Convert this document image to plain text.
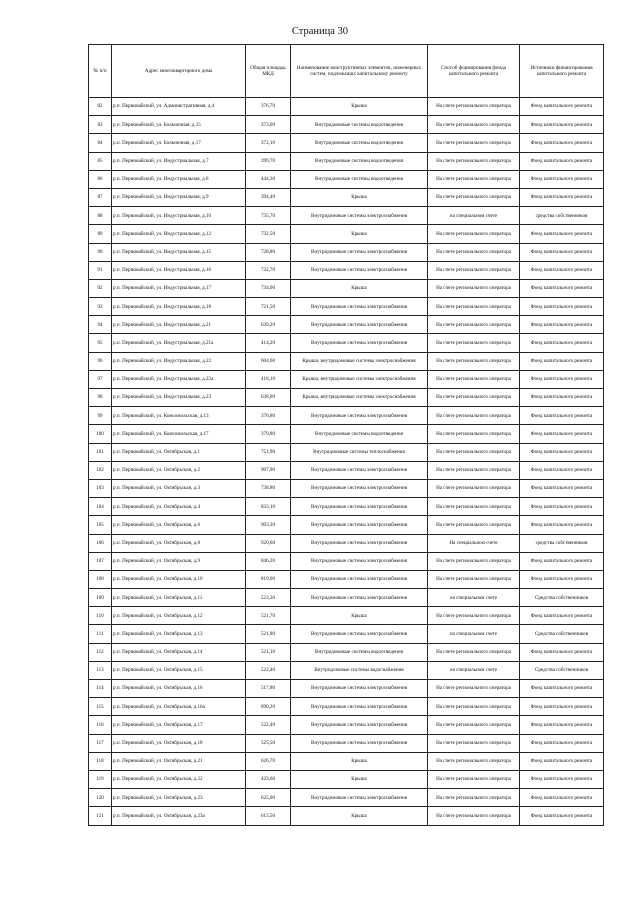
Страница 30
№ п/п	Адрес многоквартирного дома	Общая площадь МКД	Наименование конструктивных элементов, инженерных систем, подлежащих капитальному ремонту	Способ формирования фонда капитального ремонта	Источники финансирования капитального ремонта
82	р.п. Первомайский, ул. Административная, д.4	376,70	Крыша	На счете регионального оператора	Фонд капитального ремонта
83	р.п. Первомайский, ул. Больничная, д.15	373,00	Внутридомовые системы водоотведения	На счете регионального оператора	Фонд капитального ремонта
84	р.п. Первомайский, ул. Больничная, д.17	372,10	Внутридомовые системы водоотведения	На счете регионального оператора	Фонд капитального ремонта
85	р.п. Первомайский, ул. Индустриальная, д.7	399,70	Внутридомовые системы водоотведения	На счете регионального оператора	Фонд капитального ремонта
86	р.п. Первомайский, ул. Индустриальная, д.8	444,30	Внутридомовые системы водоотведения	На счете регионального оператора	Фонд капитального ремонта
87	р.п. Первомайский, ул. Индустриальная, д.9	394,40	Крыша	На счете регионального оператора	Фонд капитального ремонта
88	р.п. Первомайский, ул. Индустриальная, д.10	735,70	Внутридомовые системы электроснабжения	на специальном счете	средства собственников
89	р.п. Первомайский, ул. Индустриальная, д.12	732,50	Крыша	На счете регионального оператора	Фонд капитального ремонта
90	р.п. Первомайский, ул. Индустриальная, д.15	728,80	Внутридомовые системы электроснабжения	На счете регионального оператора	Фонд капитального ремонта
91	р.п. Первомайский, ул. Индустриальная, д.16	732,70	Внутридомовые системы электроснабжения	На счете регионального оператора	Фонд капитального ремонта
92	р.п. Первомайский, ул. Индустриальная, д.17	734,00	Крыша	На счете регионального оператора	Фонд капитального ремонта
93	р.п. Первомайский, ул. Индустриальная, д.18	721,50	Внутридомовые системы электроснабжения	На счете регионального оператора	Фонд капитального ремонта
94	р.п. Первомайский, ул. Индустриальная, д.21	639,20	Внутридомовые системы электроснабжения	На счете регионального оператора	Фонд капитального ремонта
95	р.п. Первомайский, ул. Индустриальная, д.21а	414,20	Внутридомовые системы электроснабжения	На счете регионального оператора	Фонд капитального ремонта
96	р.п. Первомайский, ул. Индустриальная, д.22	604,60	Крыша, внутридомовые системы электроснабжения	На счете регионального оператора	Фонд капитального ремонта
97	р.п. Первомайский, ул. Индустриальная, д.22а	418,10	Крыша, внутридомовые системы электроснабжения	На счете регионального оператора	Фонд капитального ремонта
98	р.п. Первомайский, ул. Индустриальная, д.23	638,00	Крыша, внутридомовые системы электроснабжения	На счете регионального оператора	Фонд капитального ремонта
99	р.п. Первомайский, ул. Комсомольская, д.13	376,80	Внутридомовые системы электроснабжения	На счете регионального оператора	Фонд капитального ремонта
100	р.п. Первомайский, ул. Комсомольская, д.17	379,80	Внутридомовые системы водоотведения	На счете регионального оператора	Фонд капитального ремонта
101	р.п. Первомайский, ул. Октябрьская, д.1	751,90	Внутридомовые системы теплоснабжения	На счете регионального оператора	Фонд капитального ремонта
102	р.п. Первомайский, ул. Октябрьская, д.2	907,90	Внутридомовые системы электроснабжения	На счете регионального оператора	Фонд капитального ремонта
103	р.п. Первомайский, ул. Октябрьская, д.3	738,80	Внутридомовые системы электроснабжения	На счете регионального оператора	Фонд капитального ремонта
104	р.п. Первомайский, ул. Октябрьская, д.4	833,10	Внутридомовые системы электроснабжения	На счете регионального оператора	Фонд капитального ремонта
105	р.п. Первомайский, ул. Октябрьская, д.6	903,30	Внутридомовые системы электроснабжения	На счете регионального оператора	Фонд капитального ремонта
106	р.п. Первомайский, ул. Октябрьская, д.8	920,60	Внутридомовые системы электроснабжения	На специальном счете	средства собственников
107	р.п. Первомайский, ул. Октябрьская, д.9	846,20	Внутридомовые системы электроснабжения	На счете регионального оператора	Фонд капитального ремонта
108	р.п. Первомайский, ул. Октябрьская, д.10	819,00	Внутридомовые системы электроснабжения	На счете регионального оператора	Фонд капитального ремонта
109	р.п. Первомайский, ул. Октябрьская, д.11	523,30	Внутридомовые системы электроснабжения	на специальном счете	Средства собственников
110	р.п. Первомайский, ул. Октябрьская, д.12	521,70	Крыша	На счете регионального оператора	Фонд капитального ремонта
111	р.п. Первомайский, ул. Октябрьская, д.13	521,80	Внутридомовые системы электроснабжения	на специальном счете	Средства собственников
112	р.п. Первомайский, ул. Октябрьская, д.14	521,10	Внутридомовые системы водоотведения	На счете регионального оператора	Фонд капитального ремонта
113	р.п. Первомайский, ул. Октябрьская, д.15	522,40	Внутридомовые системы водоснабжения	на специальном счете	Средства собственников
114	р.п. Первомайский, ул. Октябрьская, д.16	517,80	Внутридомовые системы электроснабжения	На счете регионального оператора	Фонд капитального ремонта
115	р.п. Первомайский, ул. Октябрьская, д.16а	890,20	Внутридомовые системы электроснабжения	На счете регионального оператора	Фонд капитального ремонта
116	р.п. Первомайский, ул. Октябрьская, д.17	522,40	Внутридомовые системы электроснабжения	На счете регионального оператора	Фонд капитального ремонта
117	р.п. Первомайский, ул. Октябрьская, д.18	525,50	Внутридомовые системы электроснабжения	На счете регионального оператора	Фонд капитального ремонта
118	р.п. Первомайский, ул. Октябрьская, д.21	626,70	Крыша	На счете регионального оператора	Фонд капитального ремонта
119	р.п. Первомайский, ул. Октябрьская, д.22	423,60	Крыша	На счете регионального оператора	Фонд капитального ремонта
120	р.п. Первомайский, ул. Октябрьская, д.23	625,00	Внутридомовые системы электроснабжения	На счете регионального оператора	Фонд капитального ремонта
121	р.п. Первомайский, ул. Октябрьская, д.23а	615,50	Крыша	На счете регионального оператора	Фонд капитального ремонта
